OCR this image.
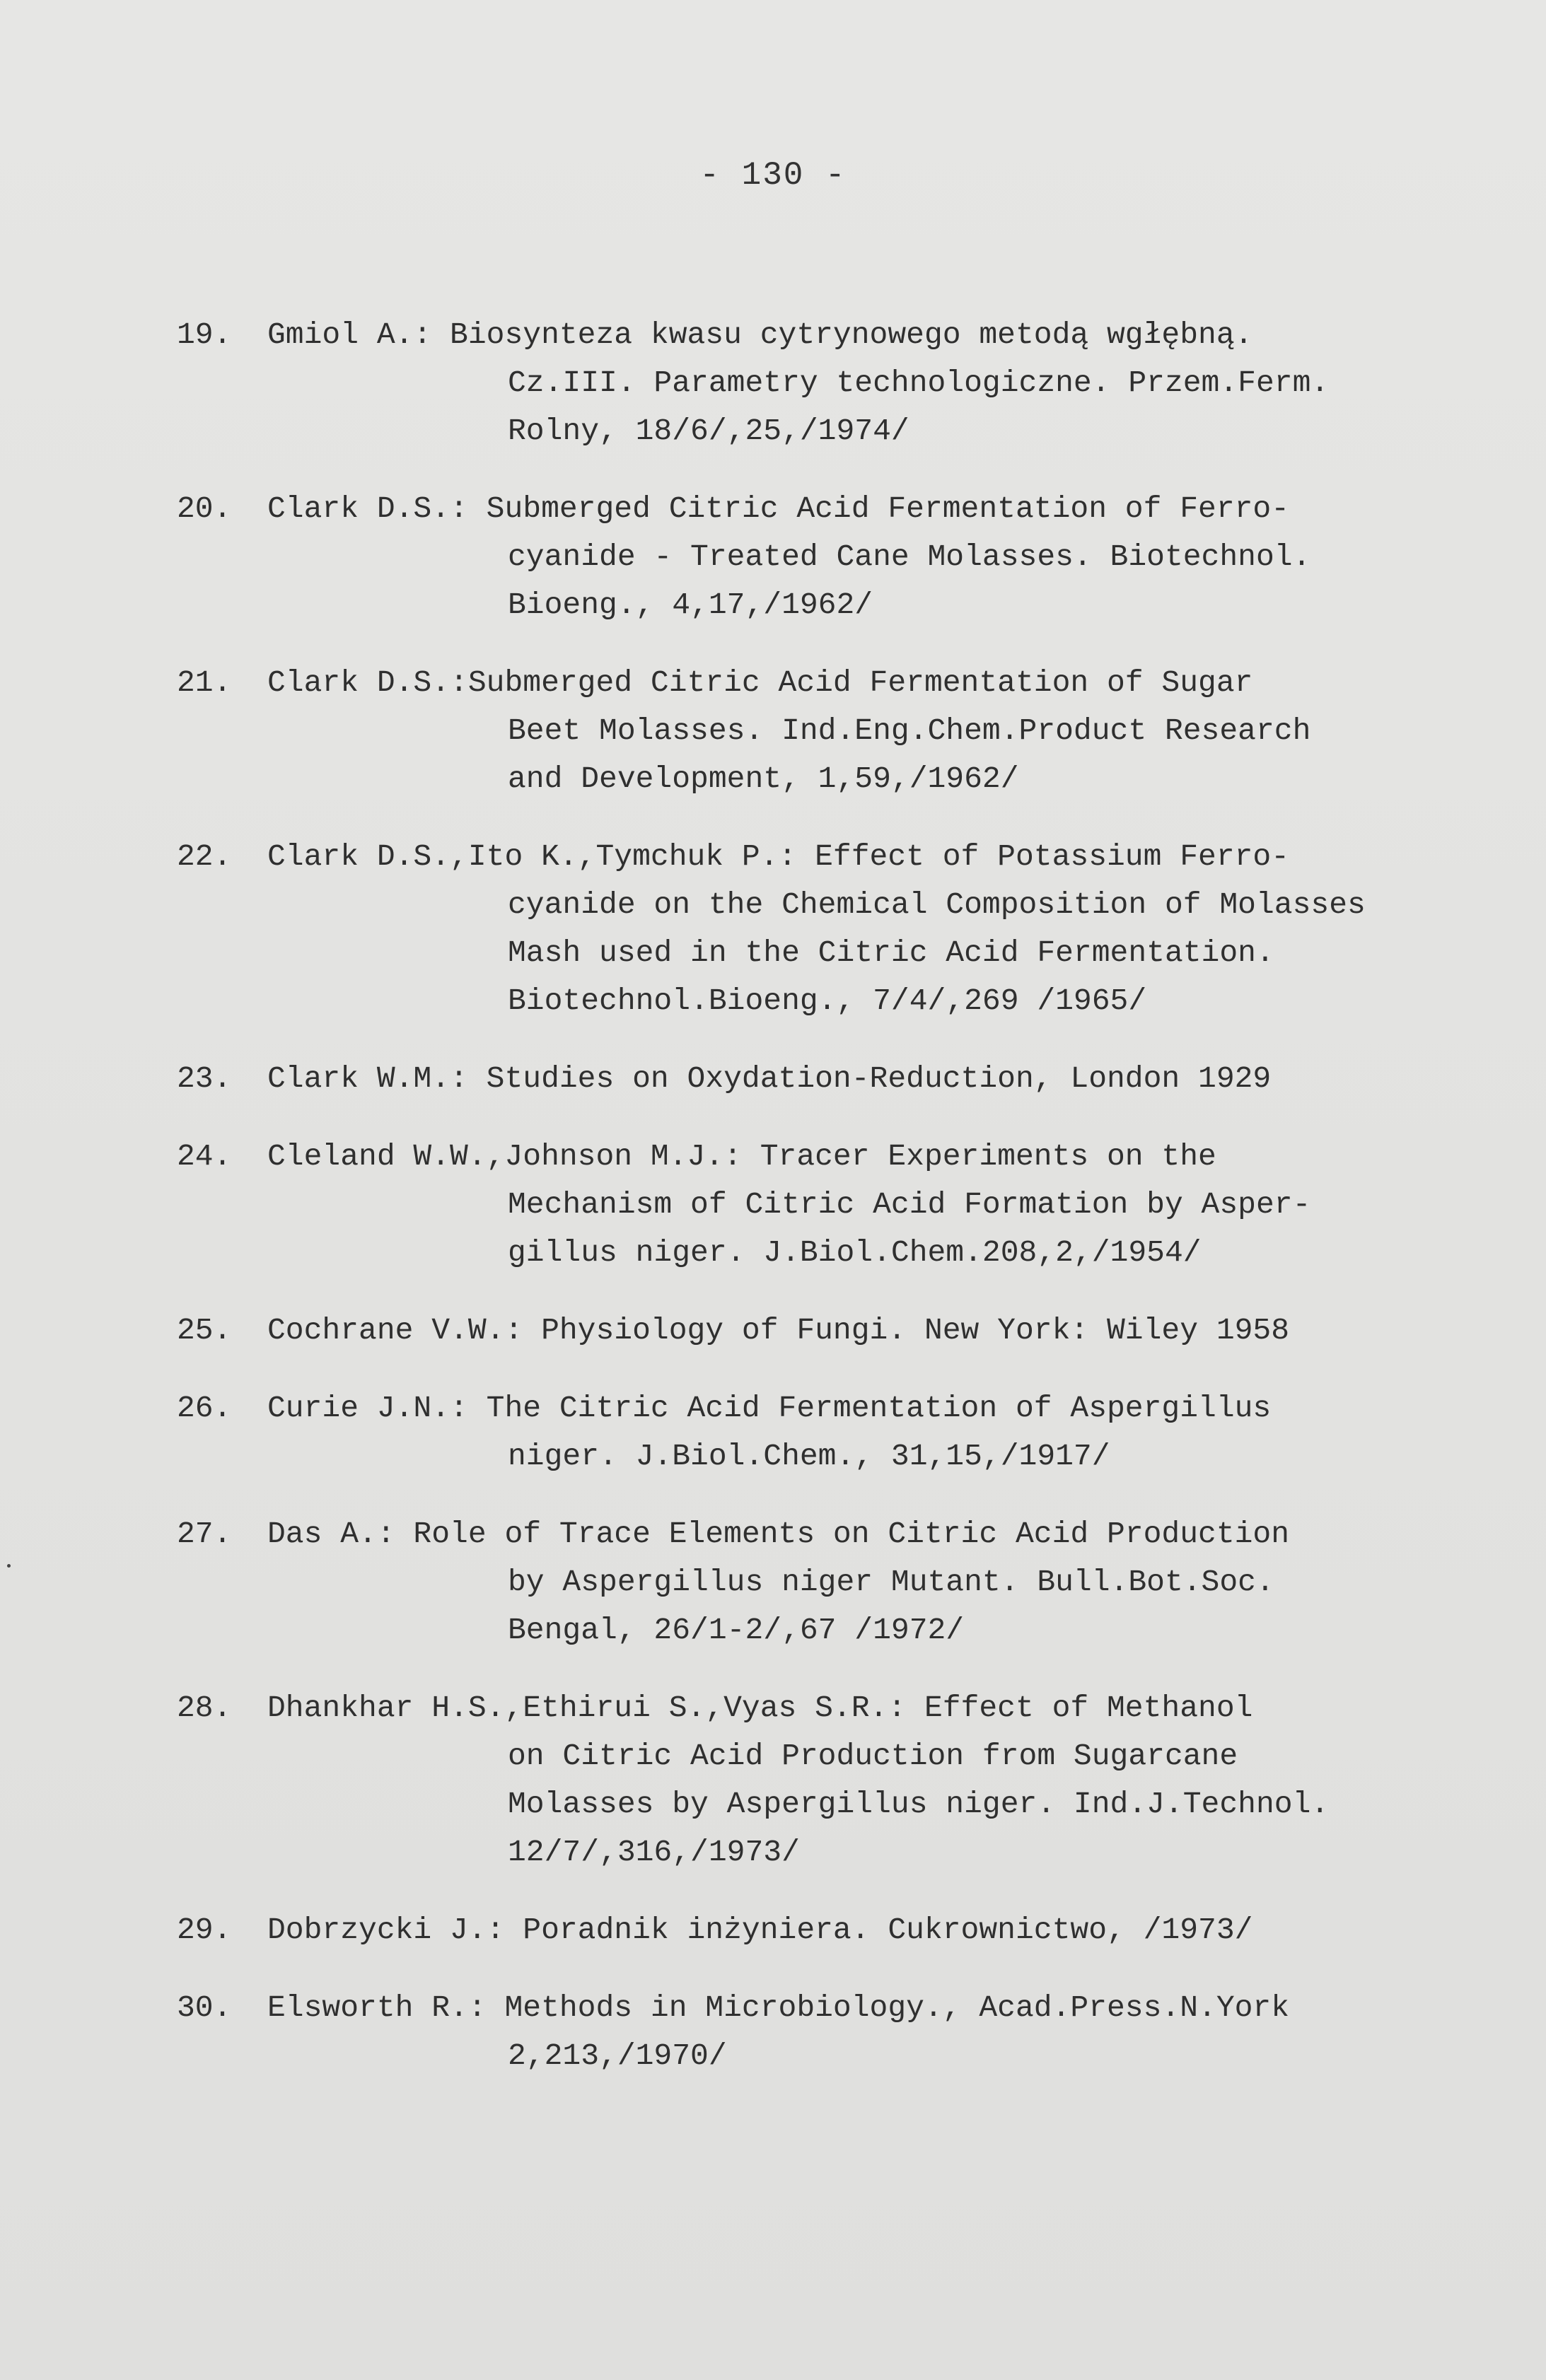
- 130 -
19.	Gmiol A.: Biosynteza kwasu cytrynowego metodą wgłębną.
Cz.III. Parametry technologiczne. Przem.Ferm.
Rolny, 18/6/,25,/1974/
20.	Clark D.S.: Submerged Citric Acid Fermentation of Ferro-
cyanide - Treated Cane Molasses. Biotechnol.
Bioeng., 4,17,/1962/
21.	Clark D.S.:Submerged Citric Acid Fermentation of Sugar
Beet Molasses. Ind.Eng.Chem.Product Research
and Development, 1,59,/1962/
22.	Clark D.S.,Ito K.,Tymchuk P.: Effect of Potassium Ferro-
cyanide on the Chemical Composition of Molasses
Mash used in the Citric Acid Fermentation.
Biotechnol.Bioeng., 7/4/,269 /1965/
23.	Clark W.M.: Studies on Oxydation-Reduction, London 1929
24.	Cleland W.W.,Johnson M.J.: Tracer Experiments on the
Mechanism of Citric Acid Formation by Asper-
gillus niger. J.Biol.Chem.208,2,/1954/
25.	Cochrane V.W.: Physiology of Fungi. New York: Wiley 1958
26.	Curie J.N.: The Citric Acid Fermentation of Aspergillus
niger. J.Biol.Chem., 31,15,/1917/
27.	Das A.: Role of Trace Elements on Citric Acid Production
by Aspergillus niger Mutant. Bull.Bot.Soc.
Bengal, 26/1-2/,67 /1972/
28.	Dhankhar H.S.,Ethirui S.,Vyas S.R.: Effect of Methanol
on Citric Acid Production from Sugarcane
Molasses by Aspergillus niger. Ind.J.Technol.
12/7/,316,/1973/
29.	Dobrzycki J.: Poradnik inżyniera. Cukrownictwo, /1973/
30.	Elsworth R.: Methods in Microbiology., Acad.Press.N.York
2,213,/1970/
